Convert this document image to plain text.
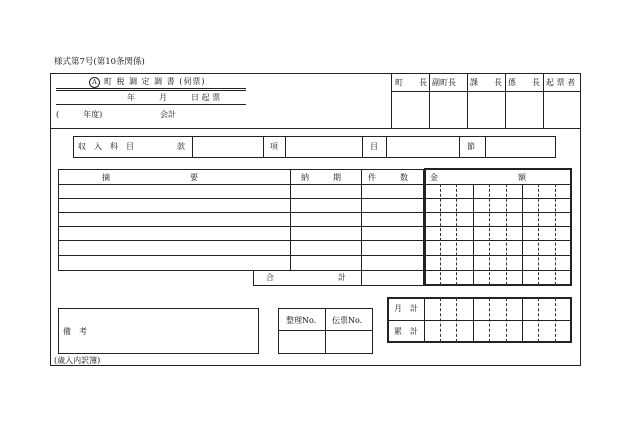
様式第7号(第10条関係)
A 町 税 調 定 調 書 (伺票)
年　　　月　　　日 起 票
(　　　年度)	会計
町　　長 副町長 課　　長 係　　長 起 票 者
収　入　科　目	款	項	目	節
摘　　　　　　　　　　要	納　　　期	件　　　数	金　　　　　　　　　　額
合　　　　　　　　計
月　計
累　計
備　考
整理No. 伝票No.
(歳入内訳簿)
